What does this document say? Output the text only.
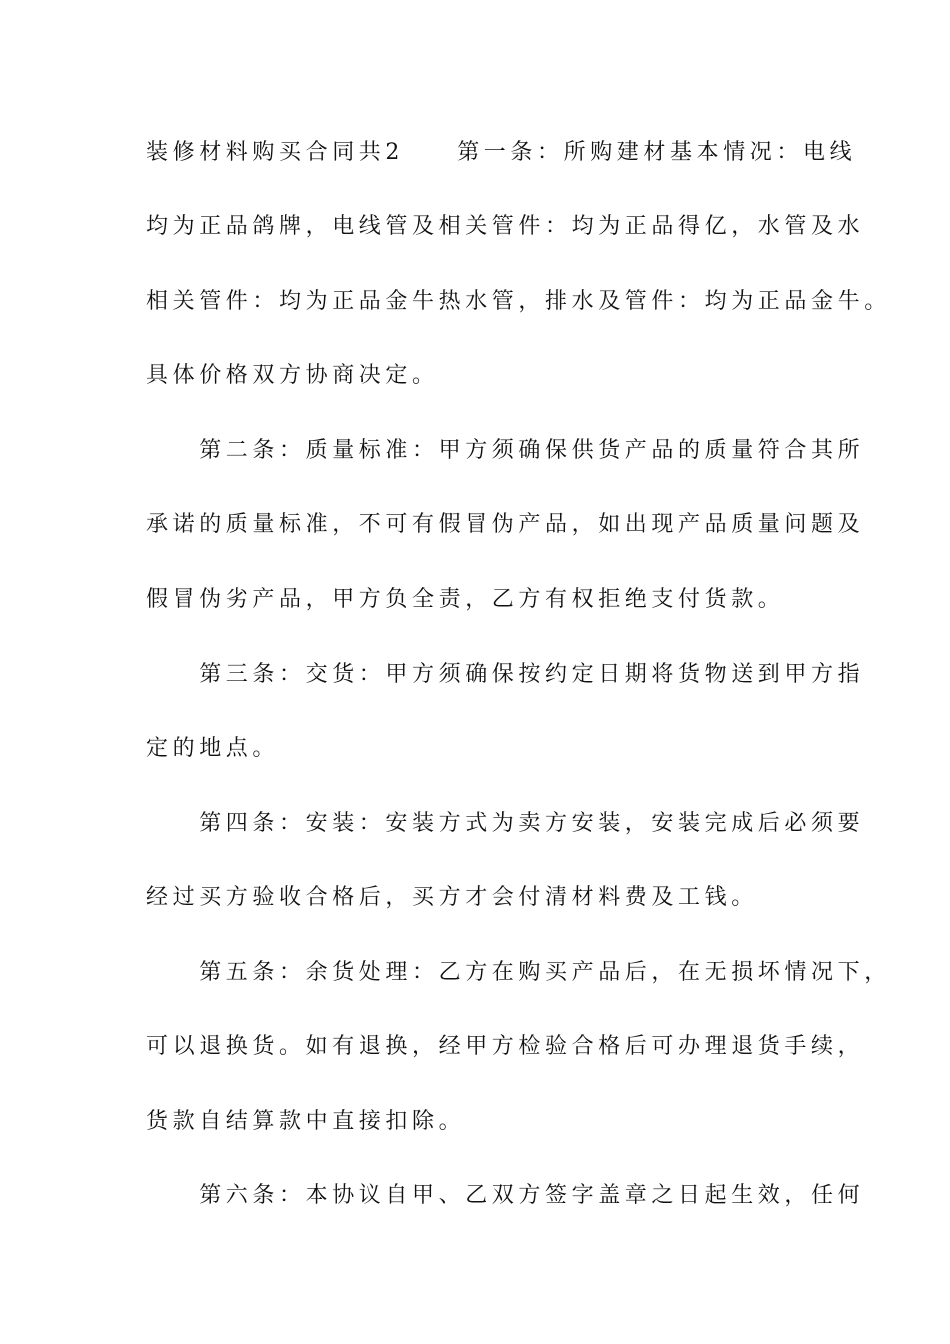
装修材料购买合同共2　　第一条：所购建材基本情况：电线
均为正品鸽牌，电线管及相关管件：均为正品得亿，水管及水
相关管件：均为正品金牛热水管，排水及管件：均为正品金牛。
具体价格双方协商决定。
　　第二条：质量标准：甲方须确保供货产品的质量符合其所
承诺的质量标准，不可有假冒伪产品，如出现产品质量问题及
假冒伪劣产品，甲方负全责，乙方有权拒绝支付货款。
　　第三条：交货：甲方须确保按约定日期将货物送到甲方指
定的地点。
　　第四条：安装：安装方式为卖方安装，安装完成后必须要
经过买方验收合格后，买方才会付清材料费及工钱。
　　第五条：余货处理：乙方在购买产品后，在无损坏情况下，
可以退换货。如有退换，经甲方检验合格后可办理退货手续，
货款自结算款中直接扣除。
　　第六条：本协议自甲、乙双方签字盖章之日起生效，任何
